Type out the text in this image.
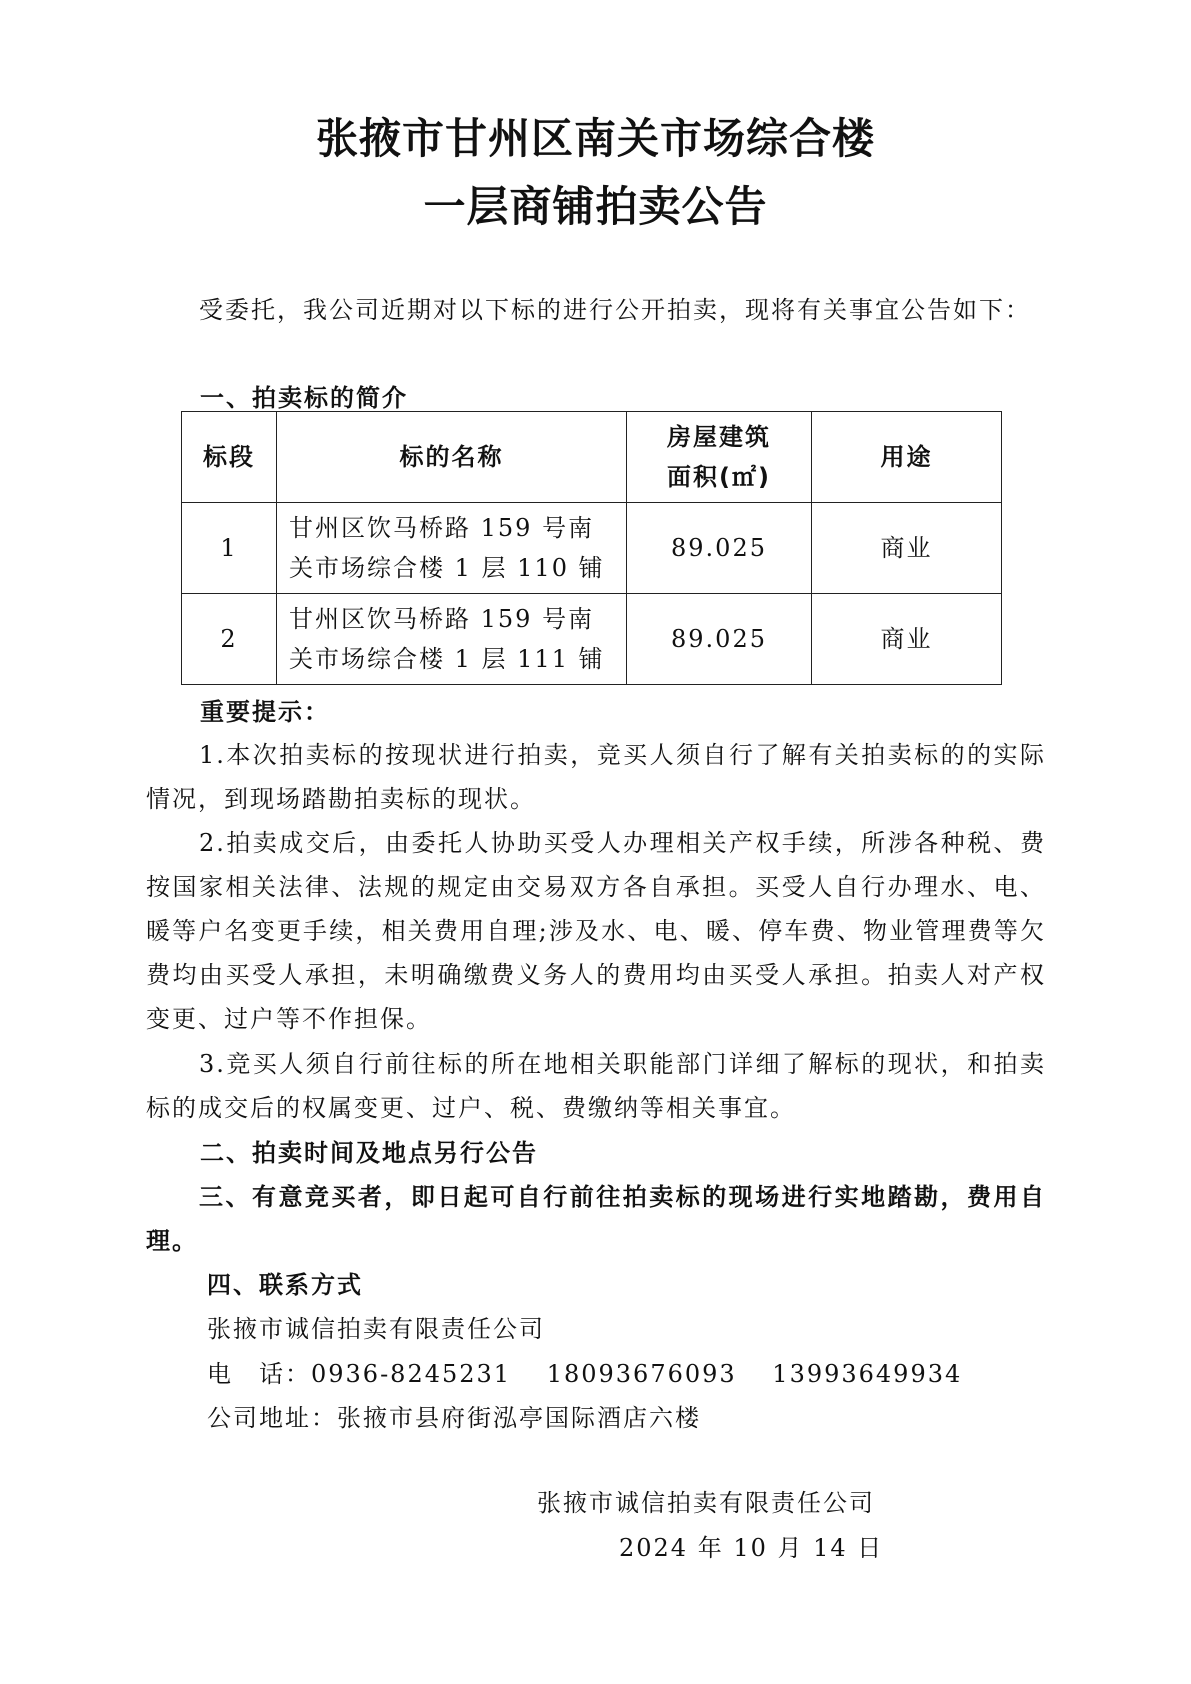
张掖市甘州区南关市场综合楼
一层商铺拍卖公告

受委托，我公司近期对以下标的进行公开拍卖，现将有关事宜公告如下：

一、拍卖标的简介
标段	标的名称	房屋建筑面积(㎡)	用途
1	甘州区饮马桥路 159 号南关市场综合楼 1 层 110 铺	89.025	商业
2	甘州区饮马桥路 159 号南关市场综合楼 1 层 111 铺	89.025	商业
重要提示：

1.本次拍卖标的按现状进行拍卖，竞买人须自行了解有关拍卖标的的实际情况，到现场踏勘拍卖标的现状。

2.拍卖成交后，由委托人协助买受人办理相关产权手续，所涉各种税、费按国家相关法律、法规的规定由交易双方各自承担。买受人自行办理水、电、暖等户名变更手续，相关费用自理;涉及水、电、暖、停车费、物业管理费等欠费均由买受人承担，未明确缴费义务人的费用均由买受人承担。拍卖人对产权变更、过户等不作担保。

3.竞买人须自行前往标的所在地相关职能部门详细了解标的现状，和拍卖标的成交后的权属变更、过户、税、费缴纳等相关事宜。

二、拍卖时间及地点另行公告

三、有意竞买者，即日起可自行前往拍卖标的现场进行实地踏勘，费用自理。

四、联系方式
张掖市诚信拍卖有限责任公司
电　话：0936-8245231　 18093676093　 13993649934
公司地址：张掖市县府街泓亭国际酒店六楼
张掖市诚信拍卖有限责任公司
2024 年 10 月 14 日
